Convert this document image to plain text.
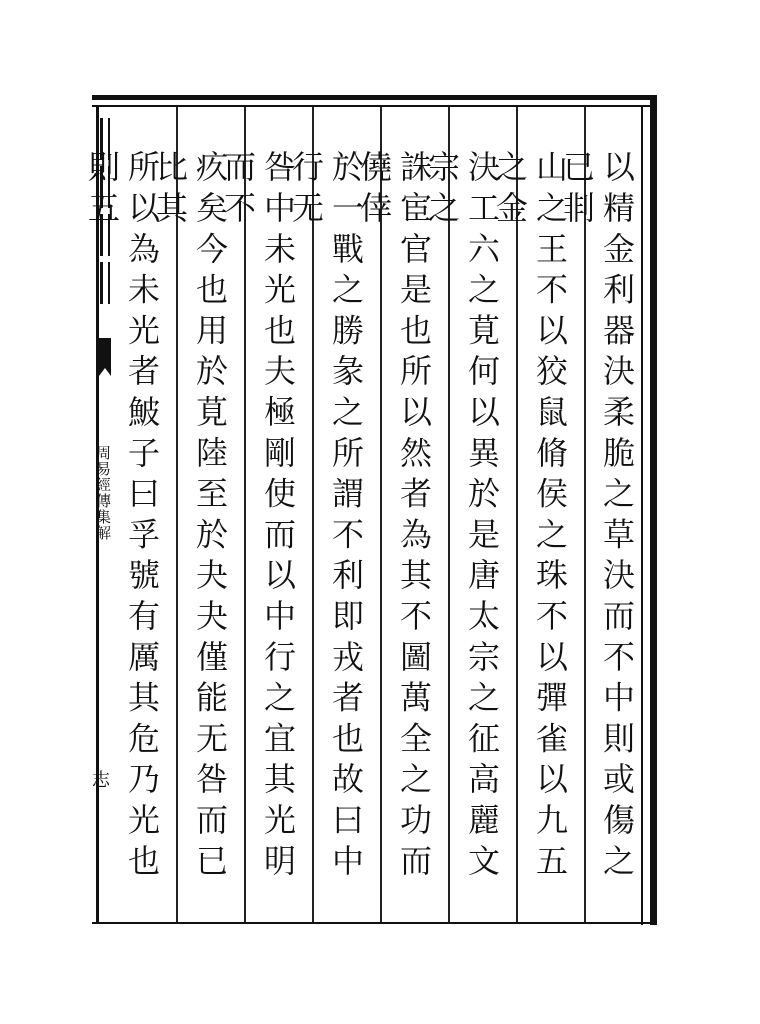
周易經傳集解
志	以精金利器決柔脆之草決而不中則或傷之已剕
山之王不以狡鼠脩侯之珠不以彈雀以九五之金
決工六之莧何以異於是唐太宗之征高麗文宗之
誅宦官是也所以然者為其不圖萬全之功而僥倖
於一戰之勝彖之所謂不利即戎者也故曰中行无
咎中未光也夫極剛使而以中行之宜其光明而不
疚矣今也用於莧陸至於夬夬僅能无咎而已比其
所以為未光者鮍子曰孚號有厲其危乃光也則五
